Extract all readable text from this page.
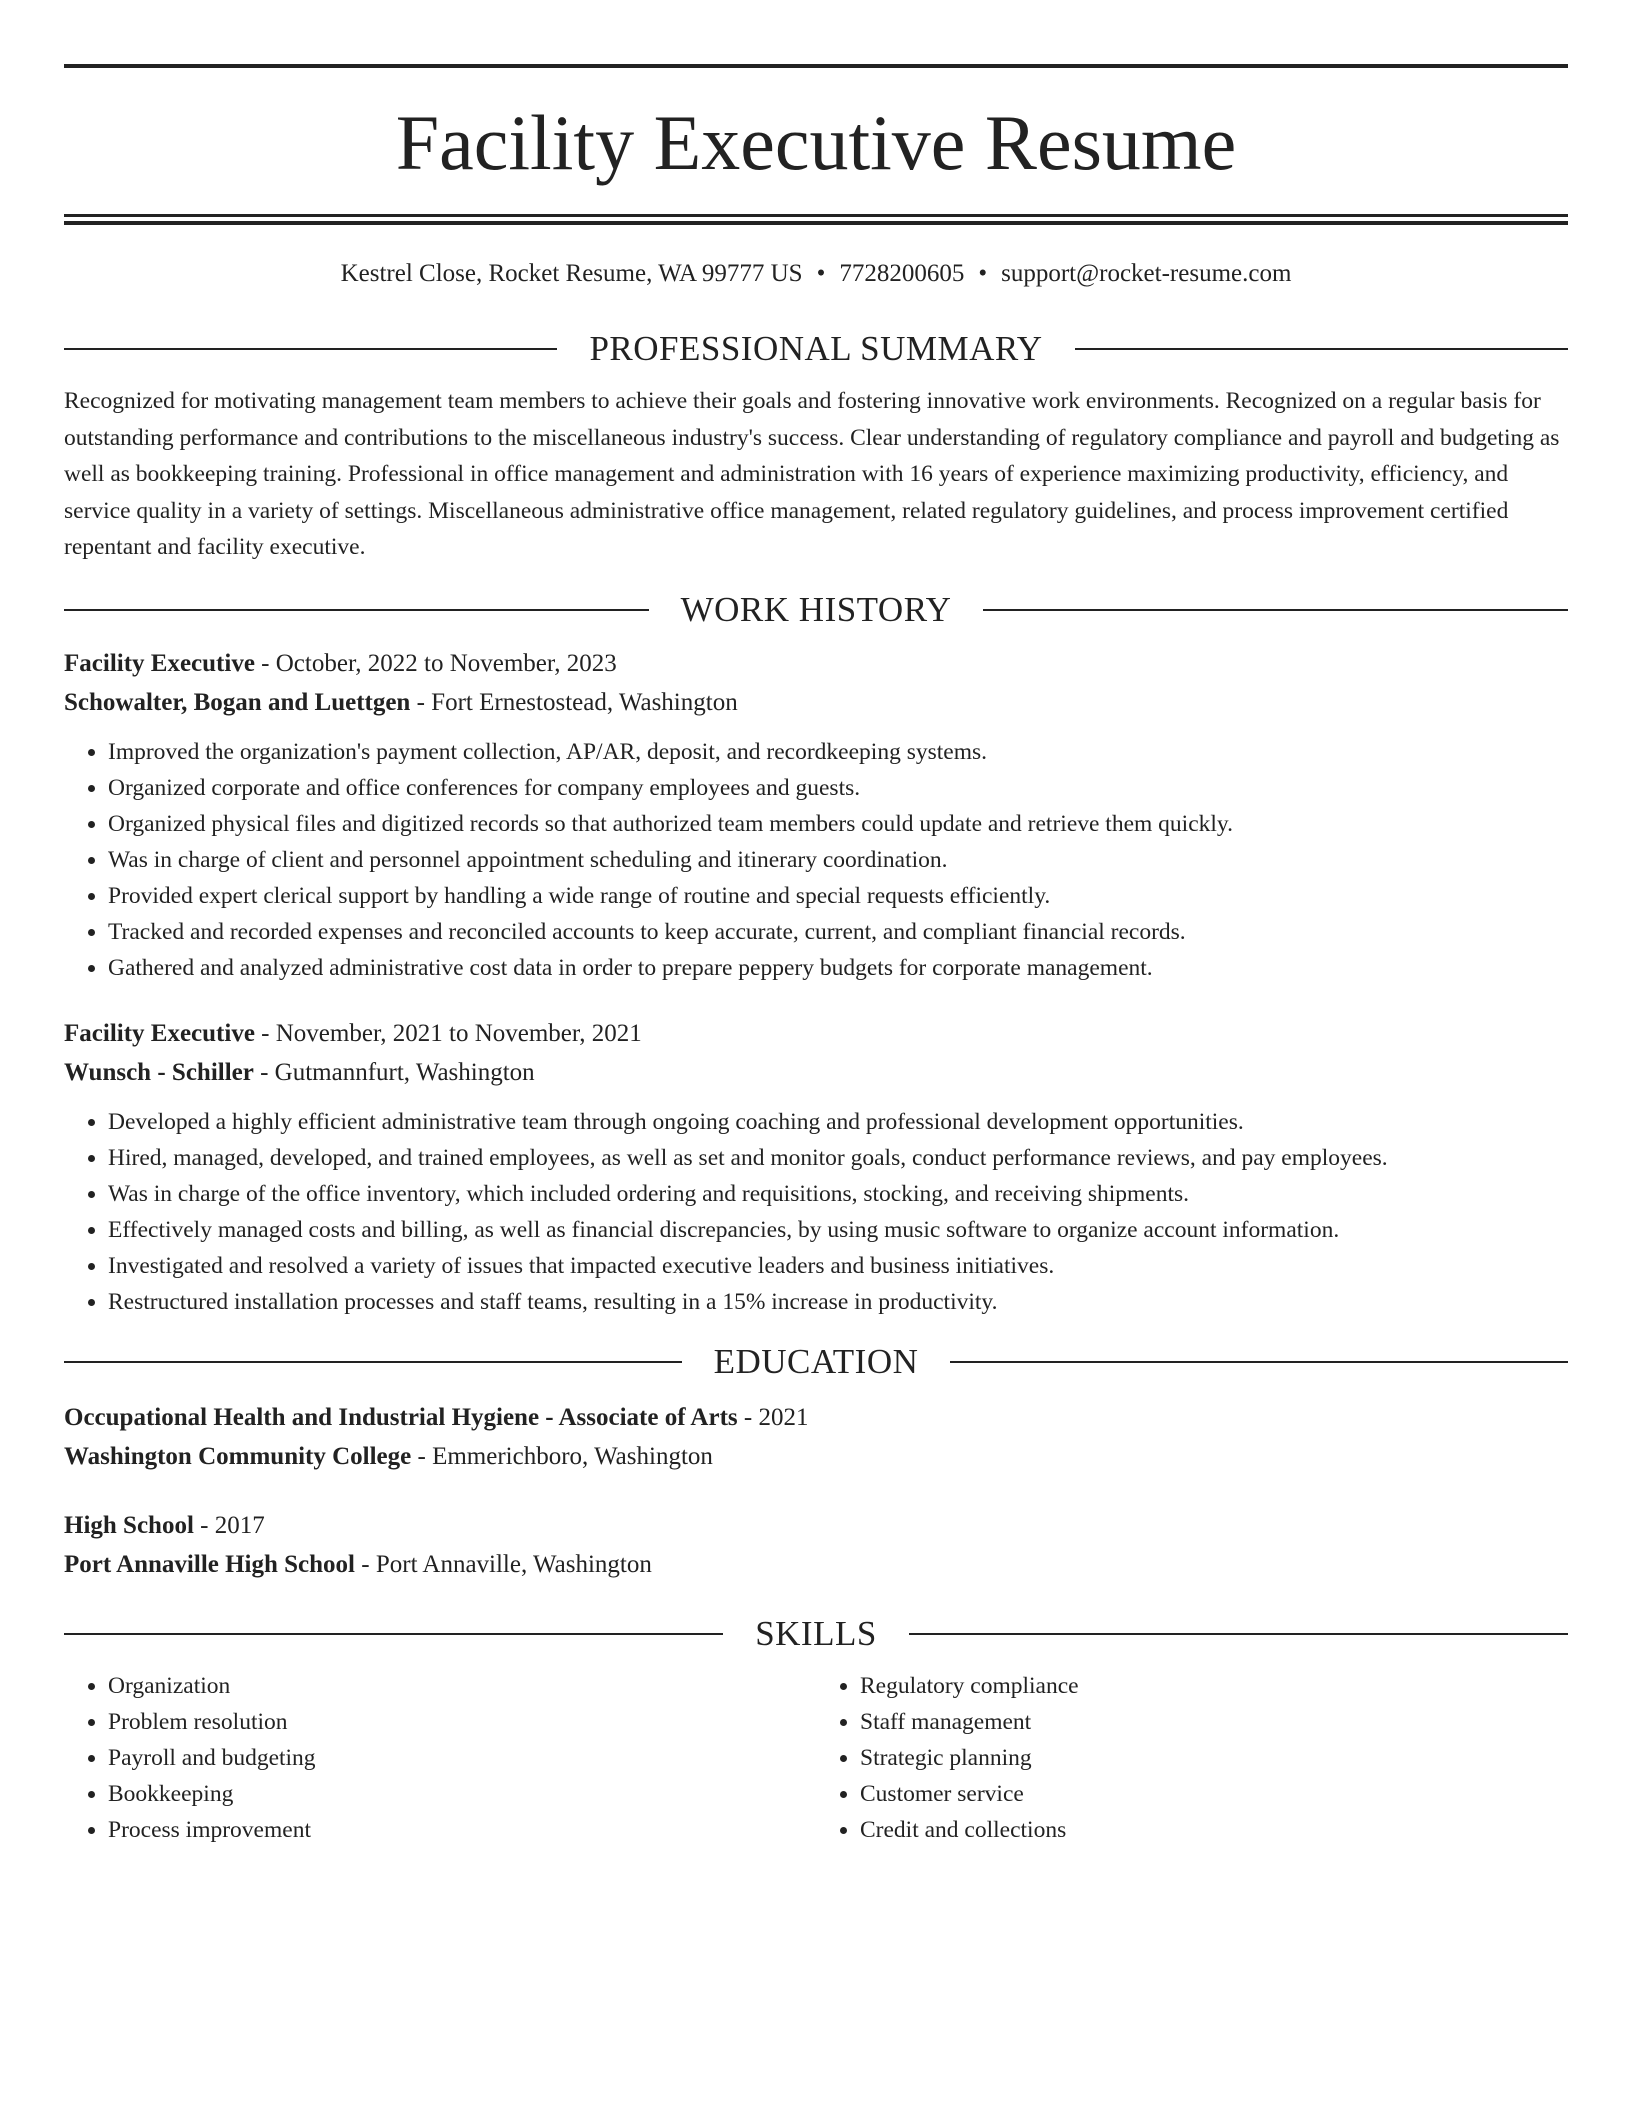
Facility Executive Resume
Kestrel Close, Rocket Resume, WA 99777 US • 7728200605 • support@rocket-resume.com
PROFESSIONAL SUMMARY
Recognized for motivating management team members to achieve their goals and fostering innovative work environments. Recognized on a regular basis for outstanding performance and contributions to the miscellaneous industry's success. Clear understanding of regulatory compliance and payroll and budgeting as well as bookkeeping training. Professional in office management and administration with 16 years of experience maximizing productivity, efficiency, and service quality in a variety of settings. Miscellaneous administrative office management, related regulatory guidelines, and process improvement certified repentant and facility executive.
WORK HISTORY
Facility Executive - October, 2022 to November, 2023
Schowalter, Bogan and Luettgen - Fort Ernestostead, Washington
• Improved the organization's payment collection, AP/AR, deposit, and recordkeeping systems.
• Organized corporate and office conferences for company employees and guests.
• Organized physical files and digitized records so that authorized team members could update and retrieve them quickly.
• Was in charge of client and personnel appointment scheduling and itinerary coordination.
• Provided expert clerical support by handling a wide range of routine and special requests efficiently.
• Tracked and recorded expenses and reconciled accounts to keep accurate, current, and compliant financial records.
• Gathered and analyzed administrative cost data in order to prepare peppery budgets for corporate management.
Facility Executive - November, 2021 to November, 2021
Wunsch - Schiller - Gutmannfurt, Washington
• Developed a highly efficient administrative team through ongoing coaching and professional development opportunities.
• Hired, managed, developed, and trained employees, as well as set and monitor goals, conduct performance reviews, and pay employees.
• Was in charge of the office inventory, which included ordering and requisitions, stocking, and receiving shipments.
• Effectively managed costs and billing, as well as financial discrepancies, by using music software to organize account information.
• Investigated and resolved a variety of issues that impacted executive leaders and business initiatives.
• Restructured installation processes and staff teams, resulting in a 15% increase in productivity.
EDUCATION
Occupational Health and Industrial Hygiene - Associate of Arts - 2021
Washington Community College - Emmerichboro, Washington
High School - 2017
Port Annaville High School - Port Annaville, Washington
SKILLS
• Organization
• Problem resolution
• Payroll and budgeting
• Bookkeeping
• Process improvement
• Regulatory compliance
• Staff management
• Strategic planning
• Customer service
• Credit and collections
